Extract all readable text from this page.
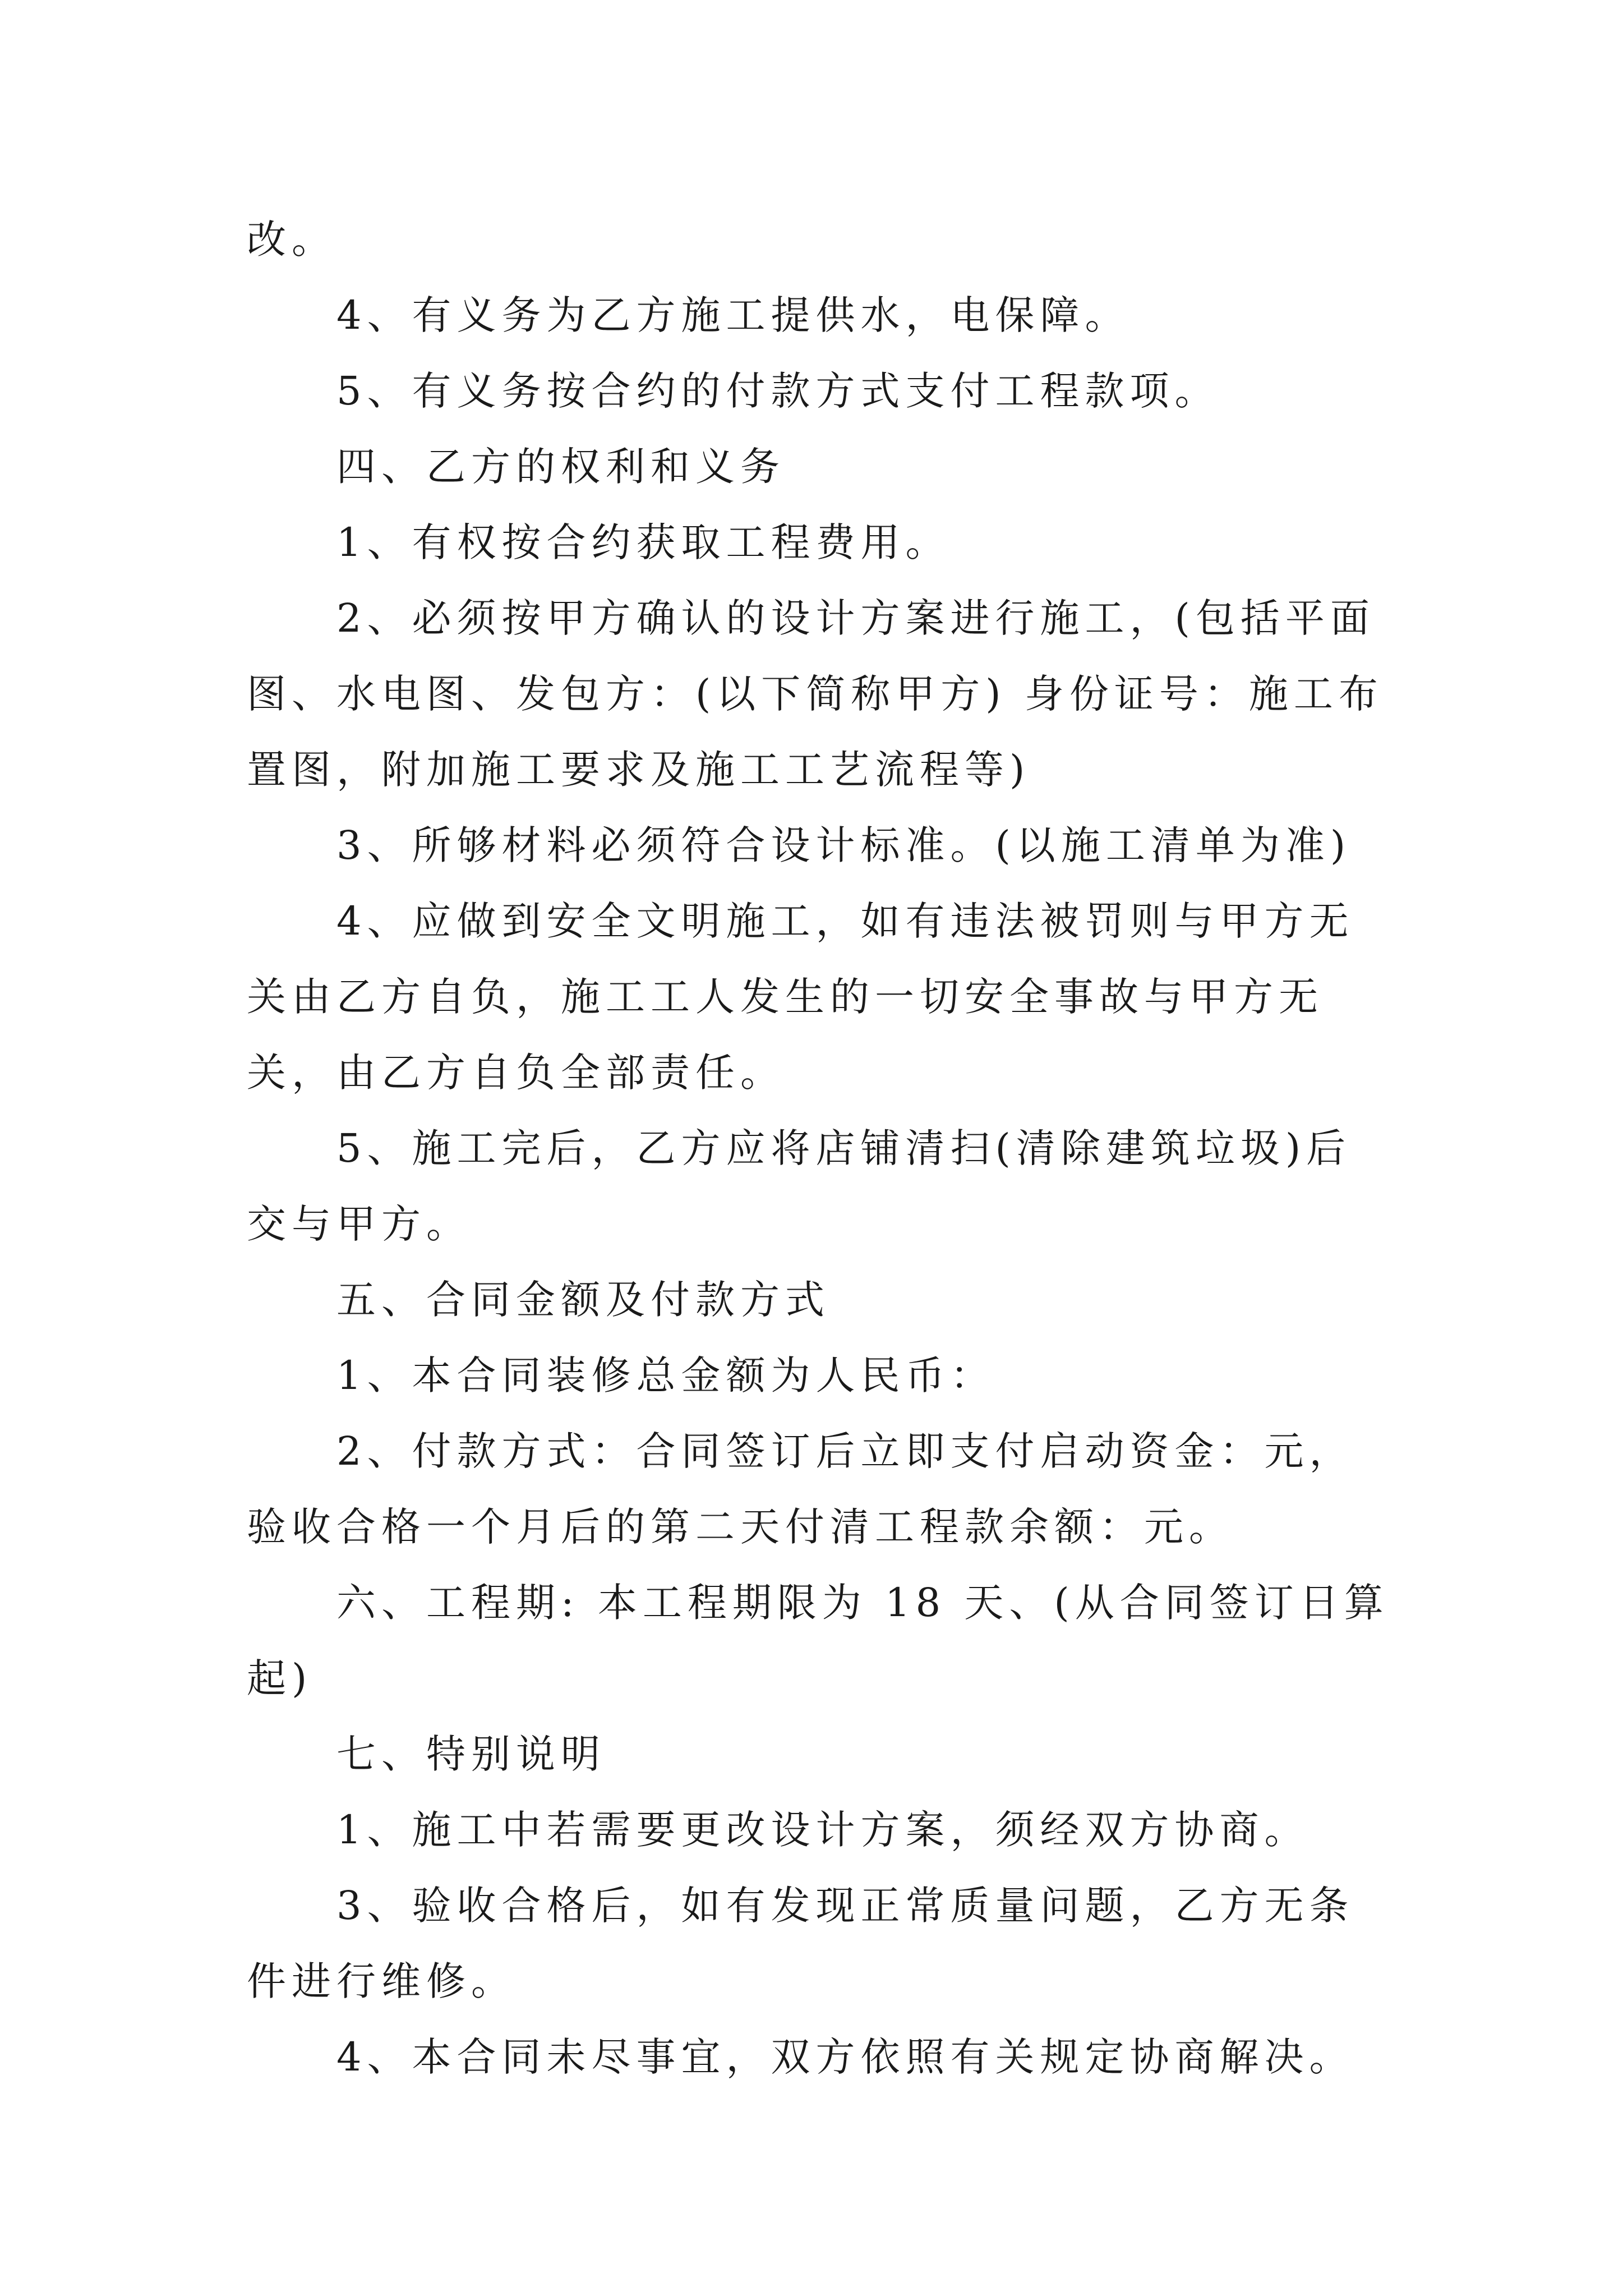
改。

4、有义务为乙方施工提供水，电保障。

5、有义务按合约的付款方式支付工程款项。

四、乙方的权利和义务

1、有权按合约获取工程费用。

2、必须按甲方确认的设计方案进行施工，(包括平面图、水电图、发包方：(以下简称甲方) 身份证号：施工布置图，附加施工要求及施工工艺流程等)

3、所够材料必须符合设计标准。(以施工清单为准)

4、应做到安全文明施工，如有违法被罚则与甲方无关由乙方自负，施工工人发生的一切安全事故与甲方无关，由乙方自负全部责任。

5、施工完后，乙方应将店铺清扫(清除建筑垃圾)后交与甲方。

五、合同金额及付款方式

1、本合同装修总金额为人民币：

2、付款方式：合同签订后立即支付启动资金：元，验收合格一个月后的第二天付清工程款余额：元。

六、工程期: 本工程期限为 18 天、(从合同签订日算起)

七、特别说明

1、施工中若需要更改设计方案，须经双方协商。

3、验收合格后，如有发现正常质量问题，乙方无条件进行维修。

4、本合同未尽事宜，双方依照有关规定协商解决。
